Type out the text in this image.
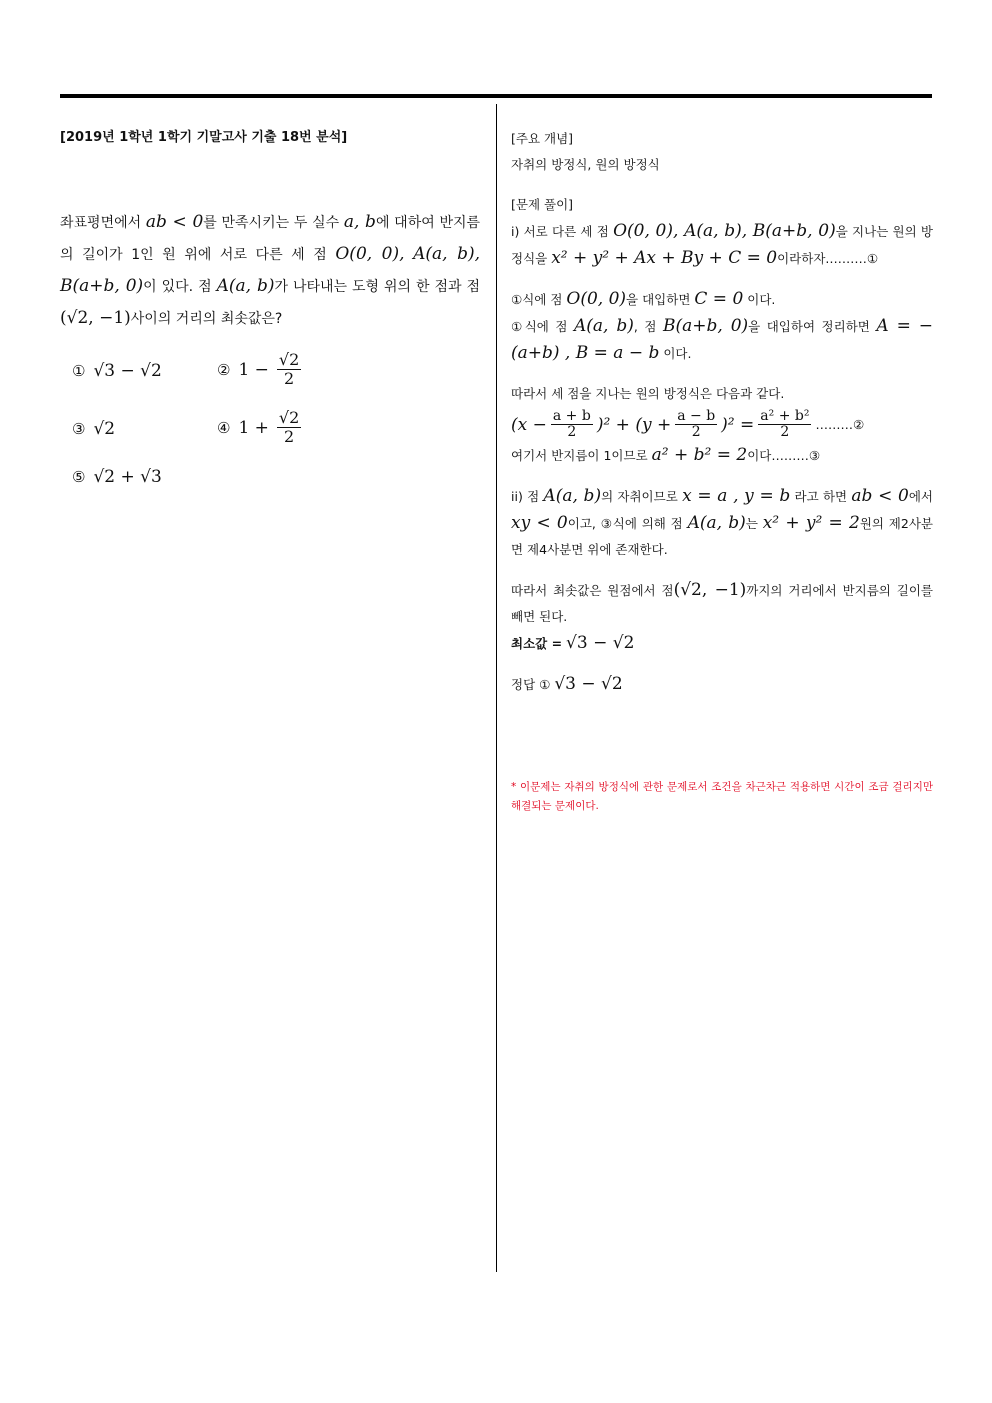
[2019년 1학년 1학기 기말고사 기출 18번 분석]
좌표평면에서 ab < 0를 만족시키는 두 실수 a, b에 대하여 반지름의 길이가 1인 원 위에 서로 다른 세 점 O(0, 0), A(a, b), B(a+b, 0)이 있다. 점 A(a, b)가 나타내는 도형 위의 한 점과 점 (√2, −1)사이의 거리의 최솟값은?
① √3 − √2	② $1 - \frac{√2}{2}$
③ √2	④ $1 + \frac{√2}{2}$
⑤ √2 + √3
[주요 개념]
자취의 방정식, 원의 방정식
[문제 풀이]
i) 서로 다른 세 점 O(0, 0), A(a, b), B(a+b, 0)을 지나는 원의 방정식을 x² + y² + Ax + By + C = 0이라하자.………①
①식에 점 O(0, 0)을 대입하면 C = 0 이다.
①식에 점 A(a, b), 점 B(a+b, 0)을 대입하여 정리하면 A = −(a+b) , B = a − b 이다.
따라서 세 점을 지나는 원의 방정식은 다음과 같다.
$(x - \frac{a + b}{2} )^2 + (y + \frac{a - b}{2} )^2 = \frac{\text{a² + b²}}{2}$ ………②
여기서 반지름이 1이므로 a² + b² = 2이다………③
ii) 점 A(a, b)의 자취이므로 x = a , y = b 라고 하면 ab < 0에서 xy < 0이고, ③식에 의해 점 A(a, b)는 x² + y² = 2원의 제2사분면 제4사분면 위에 존재한다.
따라서 최솟값은 원점에서 점(√2, −1)까지의 거리에서 반지름의 길이를 빼면 된다.
최소값 = √3 − √2
정답 ① √3 − √2
* 이문제는 자취의 방정식에 관한 문제로서 조건을 차근차근 적용하면 시간이 조금 걸리지만 해결되는 문제이다.
